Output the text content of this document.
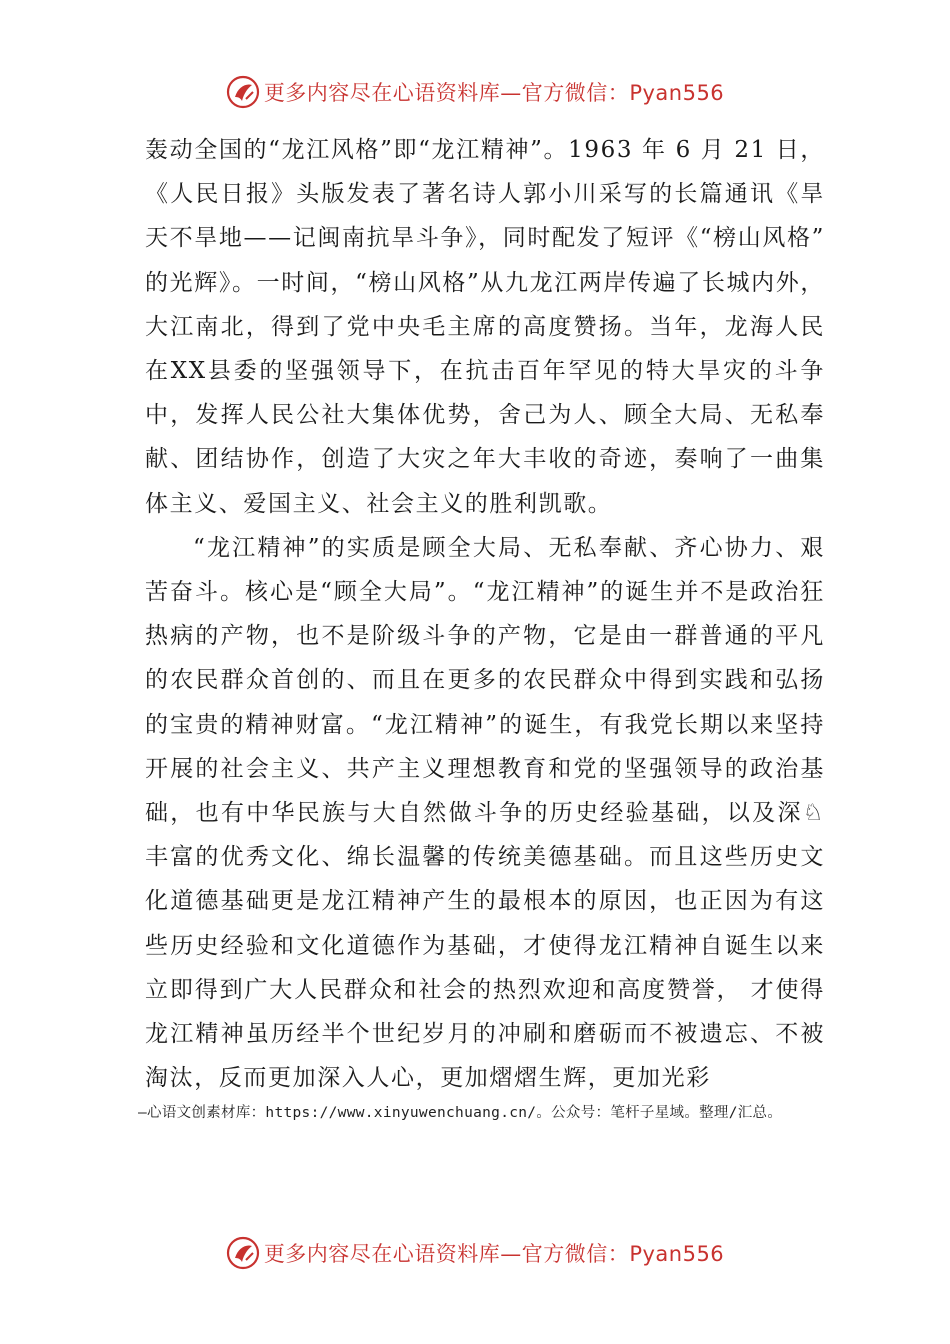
更多内容尽在心语资料库—官方微信：Pyan556

轰动全国的“龙江风格”即“龙江精神”。1963 年 6 月 21 日，《人民日报》头版发表了著名诗人郭小川采写的长篇通讯《旱天不旱地——记闽南抗旱斗争》，同时配发了短评《“榜山风格” 的光辉》。一时间，“榜山风格”从九龙江两岸传遍了长城内外，大江南北，得到了党中央毛主席的高度赞扬。当年，龙海人民在XX县委的坚强领导下，在抗击百年罕见的特大旱灾的斗争中，发挥人民公社大集体优势，舍己为人、顾全大局、无私奉献、团结协作，创造了大灾之年大丰收的奇迹，奏响了一曲集体主义、爱国主义、社会主义的胜利凯歌。

“龙江精神”的实质是顾全大局、无私奉献、齐心协力、艰苦奋斗。核心是“顾全大局”。“龙江精神”的诞生并不是政治狂热病的产物，也不是阶级斗争的产物，它是由一群普通的平凡的农民群众首创的、而且在更多的农民群众中得到实践和弘扬的宝贵的精神财富。“龙江精神”的诞生，有我党长期以来坚持开展的社会主义、共产主义理想教育和党的坚强领导的政治基础，也有中华民族与大自然做斗争的历史经验基础，以及深♘丰富的优秀文化、绵长温馨的传统美德基础。而且这些历史文化道德基础更是龙江精神产生的最根本的原因，也正因为有这些历史经验和文化道德作为基础，才使得龙江精神自诞生以来立即得到广大人民群众和社会的热烈欢迎和高度赞誉， 才使得龙江精神虽历经半个世纪岁月的冲刷和磨砺而不被遗忘、不被淘汰，反而更加深入人心，更加熠熠生辉，更加光彩

—心语文创素材库：https://www.xinyuwenchuang.cn/。公众号：笔杆子星域。整理/汇总。
更多内容尽在心语资料库—官方微信：Pyan556
